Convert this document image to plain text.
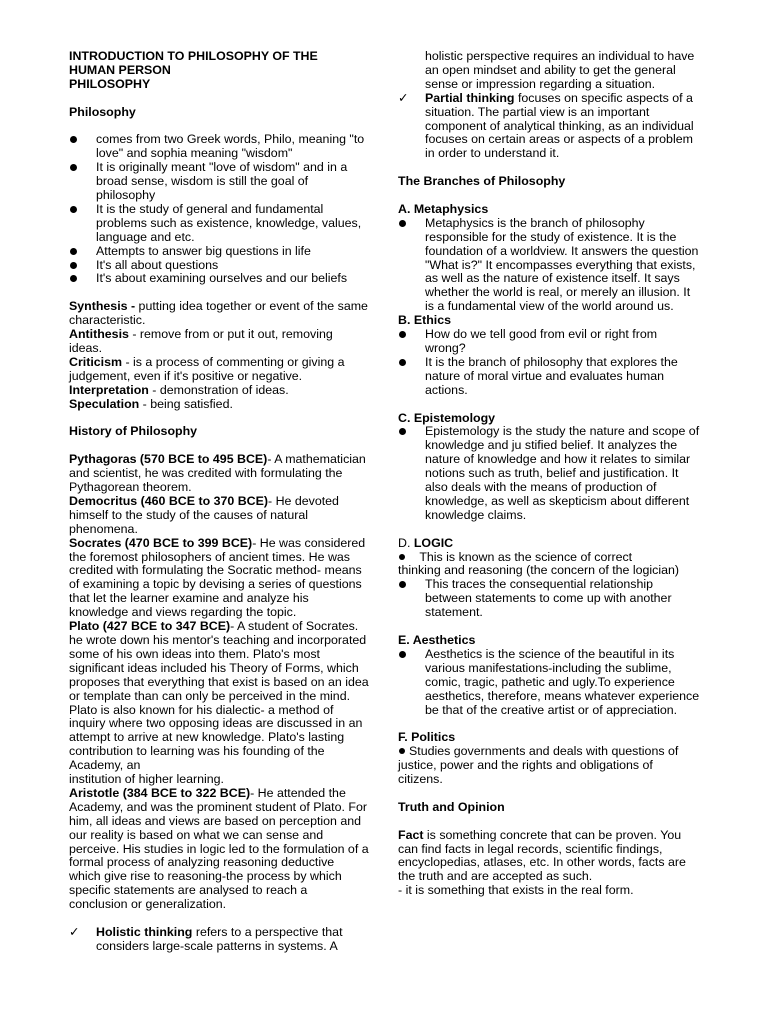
INTRODUCTION TO PHILOSOPHY OF THE
HUMAN PERSON
PHILOSOPHY

Philosophy

comes from two Greek words, Philo, meaning "to love" and sophia meaning "wisdom"
It is originally meant "love of wisdom" and in a broad sense, wisdom is still the goal of philosophy
It is the study of general and fundamental problems such as existence, knowledge, values, language and etc.
Attempts to answer big questions in life
It's all about questions
It's about examining ourselves and our beliefs

Synthesis - putting idea together or event of the same characteristic.

Antithesis - remove from or put it out, removing ideas.

Criticism - is a process of commenting or giving a judgement, even if it's positive or negative.

Interpretation - demonstration of ideas.

Speculation - being satisfied.

History of Philosophy

Pythagoras (570 BCE to 495 BCE)- A mathematician and scientist, he was credited with formulating the Pythagorean theorem.

Democritus (460 BCE to 370 BCE)- He devoted himself to the study of the causes of natural phenomena.

Socrates (470 BCE to 399 BCE)- He was considered the foremost philosophers of ancient times. He was credited with formulating the Socratic method- means of examining a topic by devising a series of questions that let the learner examine and analyze his knowledge and views regarding the topic.

Plato (427 BCE to 347 BCE)- A student of Socrates. he wrote down his mentor's teaching and incorporated some of his own ideas into them. Plato's most significant ideas included his Theory of Forms, which proposes that everything that exist is based on an idea or template than can only be perceived in the mind. Plato is also known for his dialectic- a method of inquiry where two opposing ideas are discussed in an attempt to arrive at new knowledge. Plato's lasting contribution to learning was his founding of the Academy, an

institution of higher learning.

Aristotle (384 BCE to 322 BCE)- He attended the Academy, and was the prominent student of Plato. For him, all ideas and views are based on perception and our reality is based on what we can sense and perceive. His studies in logic led to the formulation of a formal process of analyzing reasoning deductive which give rise to reasoning-the process by which specific statements are analysed to reach a conclusion or generalization.

✓ Holistic thinking refers to a perspective that considers large-scale patterns in systems. A

holistic perspective requires an individual to have an open mindset and ability to get the general sense or impression regarding a situation.

✓ Partial thinking focuses on specific aspects of a situation. The partial view is an important component of analytical thinking, as an individual focuses on certain areas or aspects of a problem in order to understand it.

The Branches of Philosophy

A. Metaphysics

Metaphysics is the branch of philosophy responsible for the study of existence. It is the foundation of a worldview. It answers the question "What is?" It encompasses everything that exists, as well as the nature of existence itself. It says whether the world is real, or merely an illusion. It is a fundamental view of the world around us.

B. Ethics

How do we tell good from evil or right from wrong?
It is the branch of philosophy that explores the nature of moral virtue and evaluates human actions.

C. Epistemology

Epistemology is the study the nature and scope of knowledge and ju stified belief. It analyzes the nature of knowledge and how it relates to similar notions such as truth, belief and justification. It also deals with the means of production of knowledge, as well as skepticism about different knowledge claims.

D. LOGIC

This is known as the science of correct

thinking and reasoning (the concern of the logician)

This traces the consequential relationship between statements to come up with another statement.

E. Aesthetics

Aesthetics is the science of the beautiful in its various manifestations-including the sublime, comic, tragic, pathetic and ugly.To experience aesthetics, therefore, means whatever experience be that of the creative artist or of appreciation.

F. Politics

Studies governments and deals with questions of justice, power and the rights and obligations of citizens.

Truth and Opinion

Fact is something concrete that can be proven. You can find facts in legal records, scientific findings, encyclopedias, atlases, etc. In other words, facts are the truth and are accepted as such.

- it is something that exists in the real form.
